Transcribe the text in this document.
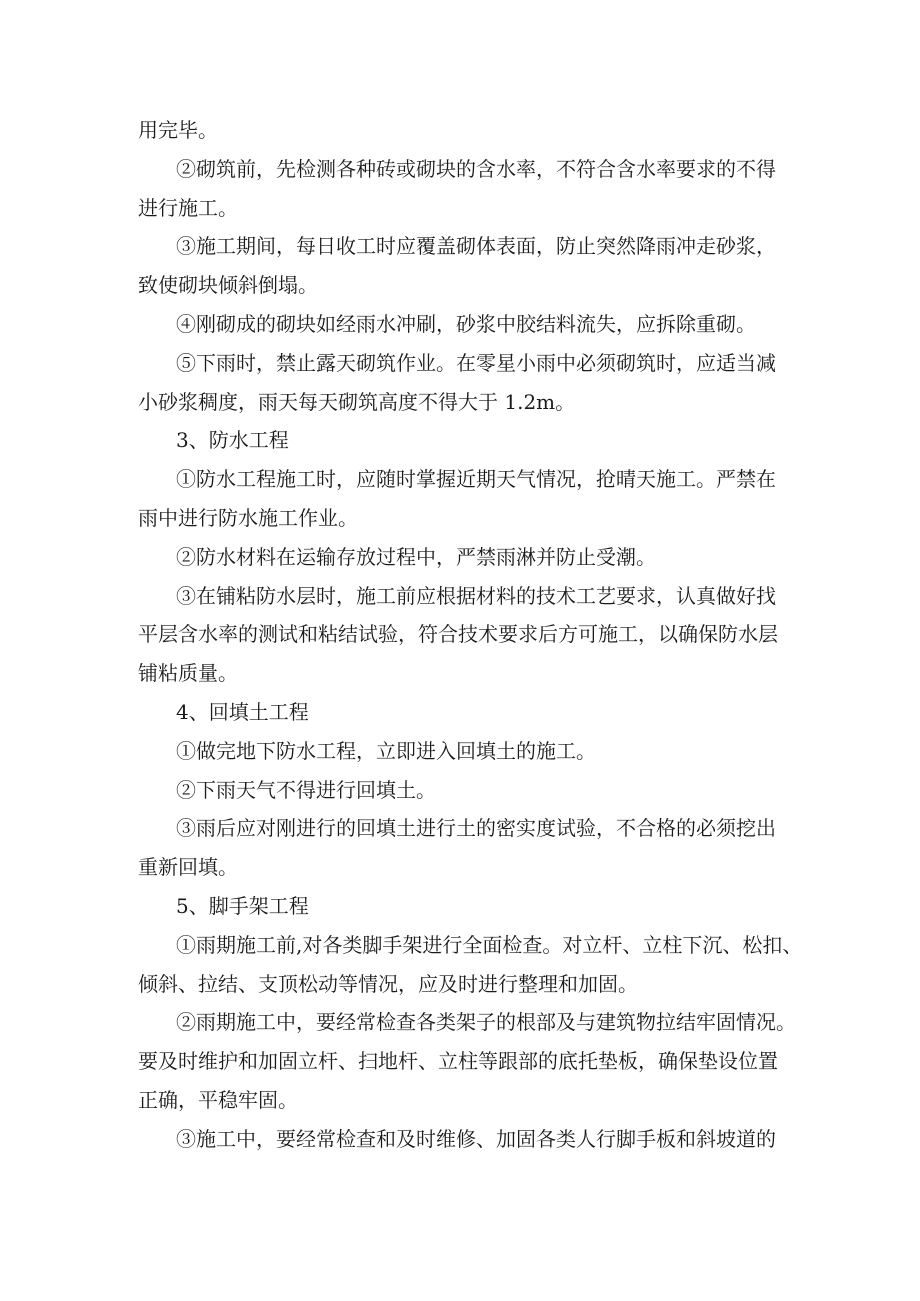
用完毕。
②砌筑前，先检测各种砖或砌块的含水率，不符合含水率要求的不得
进行施工。
③施工期间，每日收工时应覆盖砌体表面，防止突然降雨冲走砂浆，
致使砌块倾斜倒塌。
④刚砌成的砌块如经雨水冲刷，砂浆中胶结料流失，应拆除重砌。
⑤下雨时，禁止露天砌筑作业。在零星小雨中必须砌筑时，应适当减
小砂浆稠度，雨天每天砌筑高度不得大于 1.2m。
3、防水工程
①防水工程施工时，应随时掌握近期天气情况，抢晴天施工。严禁在
雨中进行防水施工作业。
②防水材料在运输存放过程中，严禁雨淋并防止受潮。
③在铺粘防水层时，施工前应根据材料的技术工艺要求，认真做好找
平层含水率的测试和粘结试验，符合技术要求后方可施工，以确保防水层
铺粘质量。
4、回填土工程
①做完地下防水工程，立即进入回填土的施工。
②下雨天气不得进行回填土。
③雨后应对刚进行的回填土进行土的密实度试验，不合格的必须挖出
重新回填。
5、脚手架工程
①雨期施工前,对各类脚手架进行全面检查。对立杆、立柱下沉、松扣、
倾斜、拉结、支顶松动等情况，应及时进行整理和加固。
②雨期施工中，要经常检查各类架子的根部及与建筑物拉结牢固情况。
要及时维护和加固立杆、扫地杆、立柱等跟部的底托垫板，确保垫设位置
正确，平稳牢固。
③施工中，要经常检查和及时维修、加固各类人行脚手板和斜坡道的
